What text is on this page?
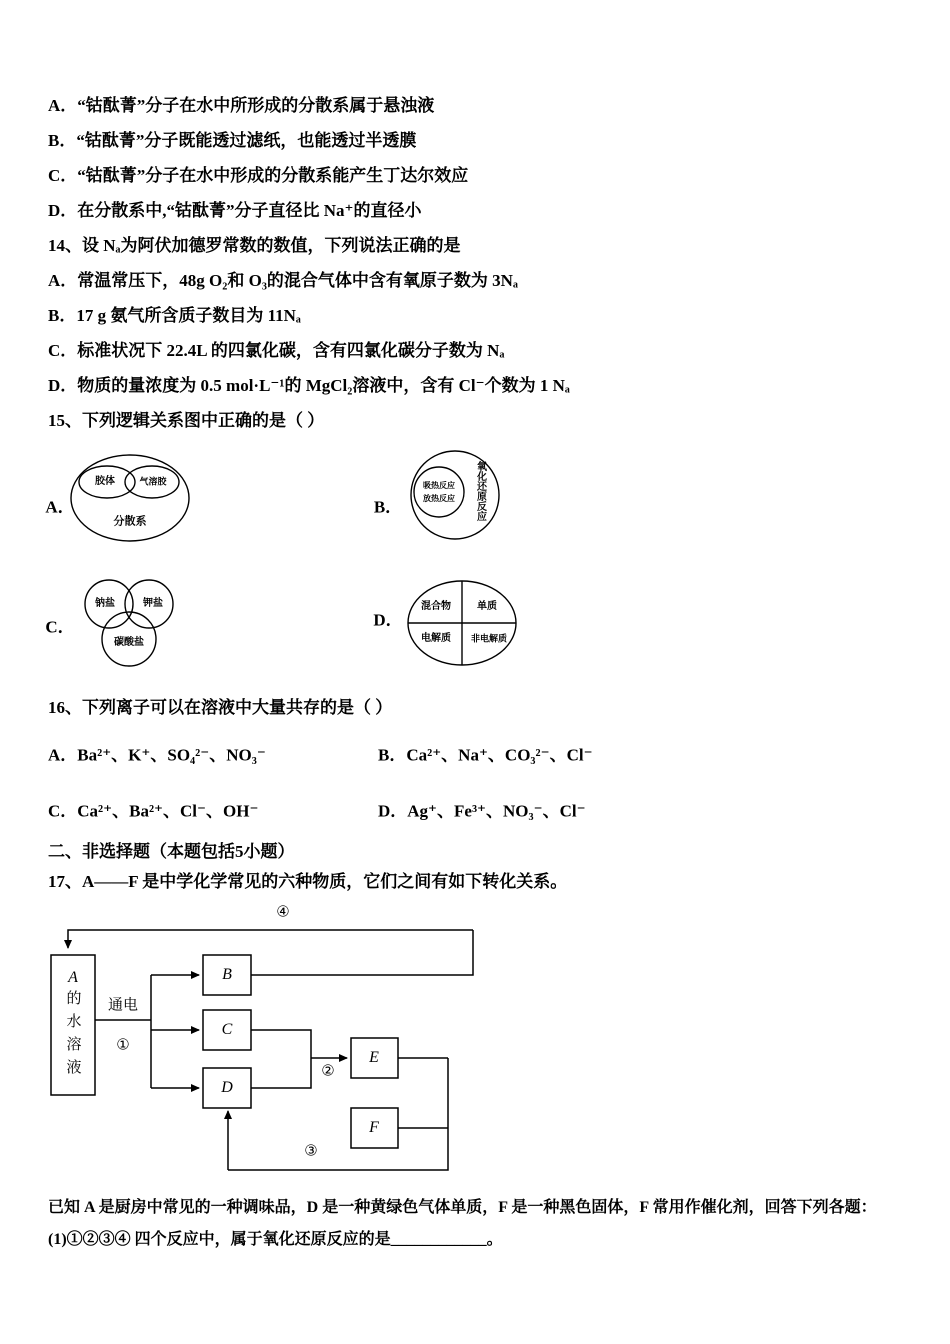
A．“钴酞菁”分子在水中所形成的分散系属于悬浊液

B．“钴酞菁”分子既能透过滤纸，也能透过半透膜

C．“钴酞菁”分子在水中形成的分散系能产生丁达尔效应

D．在分散系中,“钴酞菁”分子直径比 Na⁺的直径小

14、设 Nₐ为阿伏加德罗常数的数值，下列说法正确的是

A．常温常压下，48g O₂和 O₃的混合气体中含有氧原子数为 3Nₐ

B．17 g 氨气所含质子数目为 11Nₐ

C．标准状况下 22.4L 的四氯化碳，含有四氯化碳分子数为 Nₐ

D．物质的量浓度为 0.5 mol·L⁻¹的 MgCl₂溶液中，含有 Cl⁻个数为 1 Nₐ

15、下列逻辑关系图中正确的是（ ）

A．
胶体	气溶胶
分散系
B．
吸热反应
放热反应 氧化还原反应
C．
钠盐	钾盐
碳酸盐
D．
混合物	单质
电解质 非电解质

16、下列离子可以在溶液中大量共存的是（ ）

A．Ba²⁺、K⁺、SO₄²⁻、NO₃⁻	B．Ca²⁺、Na⁺、CO₃²⁻、Cl⁻
C．Ca²⁺、Ba²⁺、Cl⁻、OH⁻	D．Ag⁺、Fe³⁺、NO₃⁻、Cl⁻

二、非选择题（本题包括5小题）

17、A——F 是中学化学常见的六种物质，它们之间有如下转化关系。

④
A
的水溶液 通电
①
B
C
D
②
E
F
③

已知 A 是厨房中常见的一种调味品，D 是一种黄绿色气体单质，F 是一种黑色固体，F 常用作催化剂，回答下列各题：

(1)①②③④ 四个反应中，属于氧化还原反应的是____________。
